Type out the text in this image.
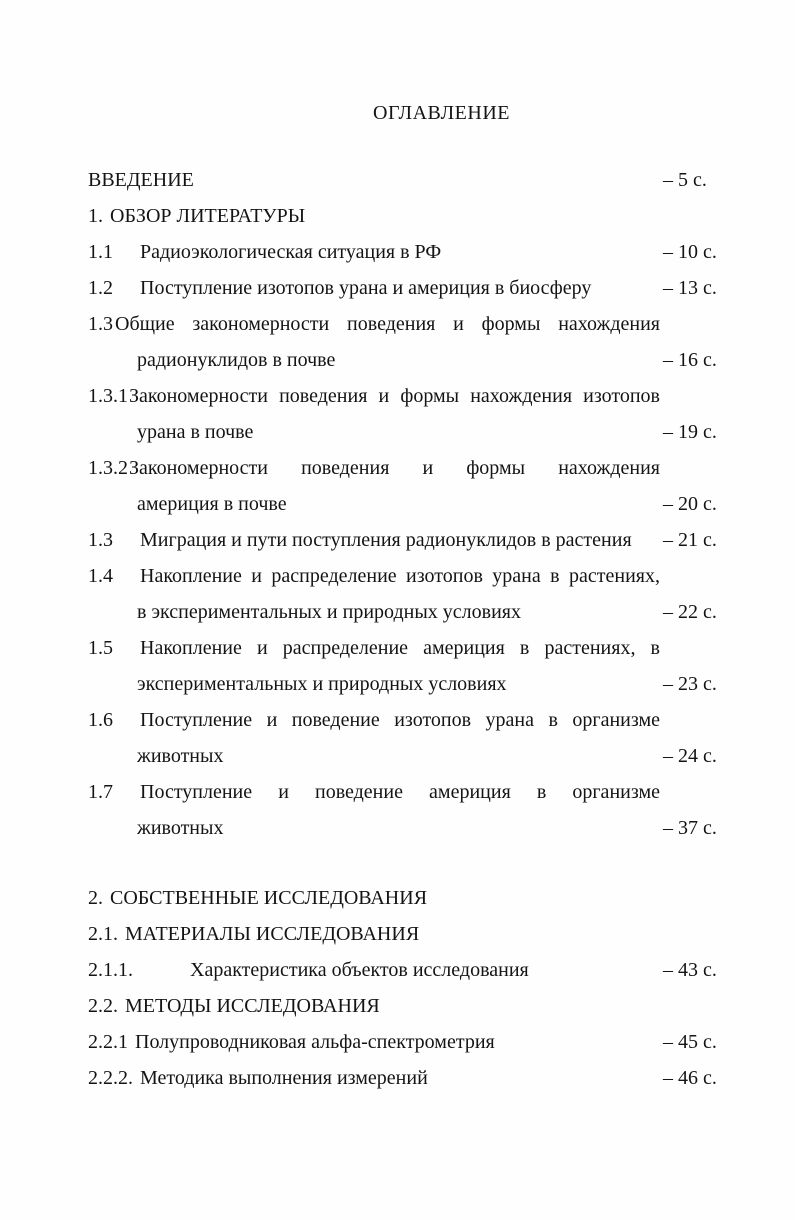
ОГЛАВЛЕНИЕ
ВВЕДЕНИЕ	– 5 с.
1. ОБЗОР ЛИТЕРАТУРЫ
1.1	Радиоэкологическая ситуация в РФ	– 10 с.
1.2	Поступление изотопов урана и америция в биосферу	– 13 с.
1.3 Общие закономерности поведения и формы нахождения
радионуклидов в почве	– 16 с.
1.3.1 Закономерности поведения и формы нахождения изотопов
урана в почве	– 19 с.
1.3.2 Закономерности поведения и формы нахождения
америция в почве	– 20 с.
1.3	Миграция и пути поступления радионуклидов в растения	– 21 с.
1.4	Накопление и распределение изотопов урана в растениях,
в экспериментальных и природных условиях	– 22 с.
1.5	Накопление и распределение америция в растениях, в
экспериментальных и природных условиях	– 23 с.
1.6	Поступление и поведение изотопов урана в организме
животных	– 24 с.
1.7	Поступление и поведение америция в организме
животных	– 37 с.
2. СОБСТВЕННЫЕ ИССЛЕДОВАНИЯ
2.1. МАТЕРИАЛЫ ИССЛЕДОВАНИЯ
2.1.1.	Характеристика объектов исследования	– 43 с.
2.2. МЕТОДЫ ИССЛЕДОВАНИЯ
2.2.1 Полупроводниковая альфа-спектрометрия	– 45 с.
2.2.2. Методика выполнения измерений	– 46 с.
